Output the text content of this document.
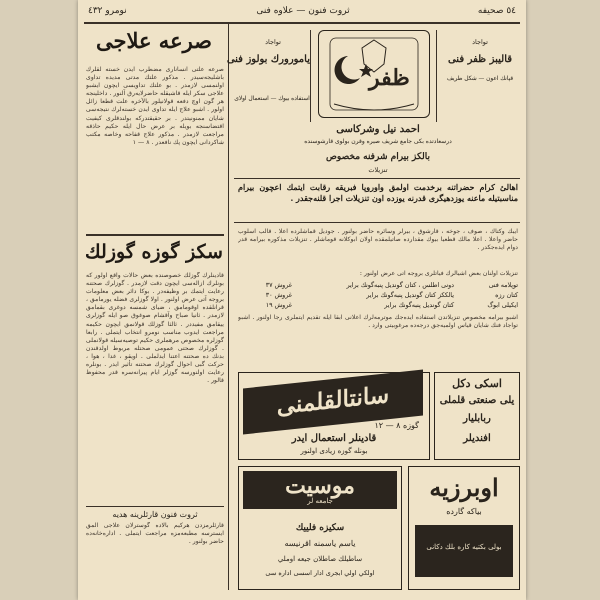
نومرو ٤٣٢	ثروت فنون — علاوه فنى	٥٤ صحيفه
صرعه علاجى
صرعه علتى انسانارى مضطرب ايدن خسته لقلرك باشليجه‌سيدر . مذكور علتك مدتى مديده تداوى اولنمسى لازمدر . بو علتك تداويسى ايچون ايشبو علاجى سكر ايله قاشيقله حاضرلايه‌رق آلنور . داخلينجه هر گون اوچ دفعه قولانيلور بالآخره علت قطعا زائل اولور . اشبو علاج ايله تداوى ايدن خسته‌لرك نتيجه‌سى شايان ممنونيتدر . بر حقيقتدركه بولندقلرى كيفيت اقتضاسنجه بويله بر عرض حال ايله حكيم حاذقه مراجعت لازمدر . مذكور علاج قفاحه وخاصه مكتب شاكردانى ايچون پك نافعدر . ٨ — ١
سكز گوزه گوزلك
قادينلرك گوزلك خصوصنده بعض حالات واقع اولور كه بونلرك ازاله‌سى ايچون دقت لازمدر . گوزلرك صحتنه رعايت ايتمك بر وظيفه‌در . بوكا دائر بعض معلومات بروجه آتى عرض اولنور . اولا گوزلرى فضله يورمامق ، قرانلقده اوقومامق ، ضياى شمسه دوغرى بقمامق لازمدر . ثانيا صباح وآقشام صوغوق صو ايله گوزلرى ييقامق مفيددر . ثالثا گوزلك قولانمق ايچون حكيمه مراجعت ايدوب مناسب نومرو انتخاب ايتملى . رابعا گوزلره مخصوص مرهملرى حكيم توصيه‌سيله قولانملى . گوزلرك صحتى عمومى صحتله مربوط اولدقندن بدنك ده صحتنه اعتنا ايدلملى . اويقو ، غدا ، هوا ، حركت گبى احوال گوزلرك صحتنه تأثير ايدر . بونلره رعايت اولنورسه گوزلر ايام پيرانه‌سره قدر محفوظ قالور .
ثروت فنون قارئلرينه هديه
قارئلرمزدن هركيم بالاده گوسترلان علاجى آلمق ايسترسه مطبعه‌مزه مراجعت ايتملى . اداره‌خانه‌ده حاضر بولنور .
تواجاد
يامورورك بولوز فنى
استفاده بيوك — استعمال اولاى
ظفر
تواجاد
قاليبز ظفر فنى
قپانك اعون — شكل طريف
احمد نيل وشركاسى
درسعادتده بكى جامع شريف صيره وقرن بولوى قارشوسنده
بالكز بيرام شرفنه مخصوص
تنزيلات
اهالئ كرام حضراتنه برخدمت اولمق واوروپا فبريقه رقابت ايتمك اعچون بيرام مناسبتيله ماعنه يوزدهيگرى قدرنه يوزده اون تنزيلات اجرا قلنه‌جقدر .
ايبك وكتاك ، صوف ، جوخه ، قارشوق ، بيرلر وسائره حاضر بولنور . جوديل قماشلرده اعلا . قالب اسلوب حاضر واعلا . اعلا مالك قطعيا بيوك مقدارده صاتيلمقده اولان ابوكلانه قوماشلر . تنزيلات مذكوره بيرامه قدر دوام ايده‌جكدر .
تنزيلات اولنان بعض اشيالرك فياتلرى بروجه آتى عرض اولنور :
توپلامه فنى دونى اطلس ، كتان گونديل پنبه‌گونك براير غروش ٣٧
كتان رزه يالككز كتان گونديل پنبه‌گونك براير غروش ٣٠
ايكيلى ابوگ كتان گونديل پنبه‌گونك براير غروش ١٩
اشبو بيرامه مخصوص تنزيلاتدن استفاده ايده‌جك موترمه‌لرك اعلانى ابقا ايله تقديم ايتملرى رجا اولنور . اشبو تواجاد فنك شايان قياس اولميه‌جق درجه‌ده مرغوبيتى وارد .
سانتالقلمنى
گوزه ٨ — ١٢
قادينلر استعمال ايدر
بونله گوزه زيادى اولنور
اسكى دكل
يلى صنعتى قلملى
ربابليار
افنديلر
موسيت
جامعه لر
سكيزه فلييك
ياسم ياسمنه اقرنيسه
ساطيلك صاطلان جيعه اوملي
اولكي اولي ابجرى ادار اسسى اداره سى
اوبرزيه
بياكه گارده
بولى بكتيه كاره بلك دكانى
